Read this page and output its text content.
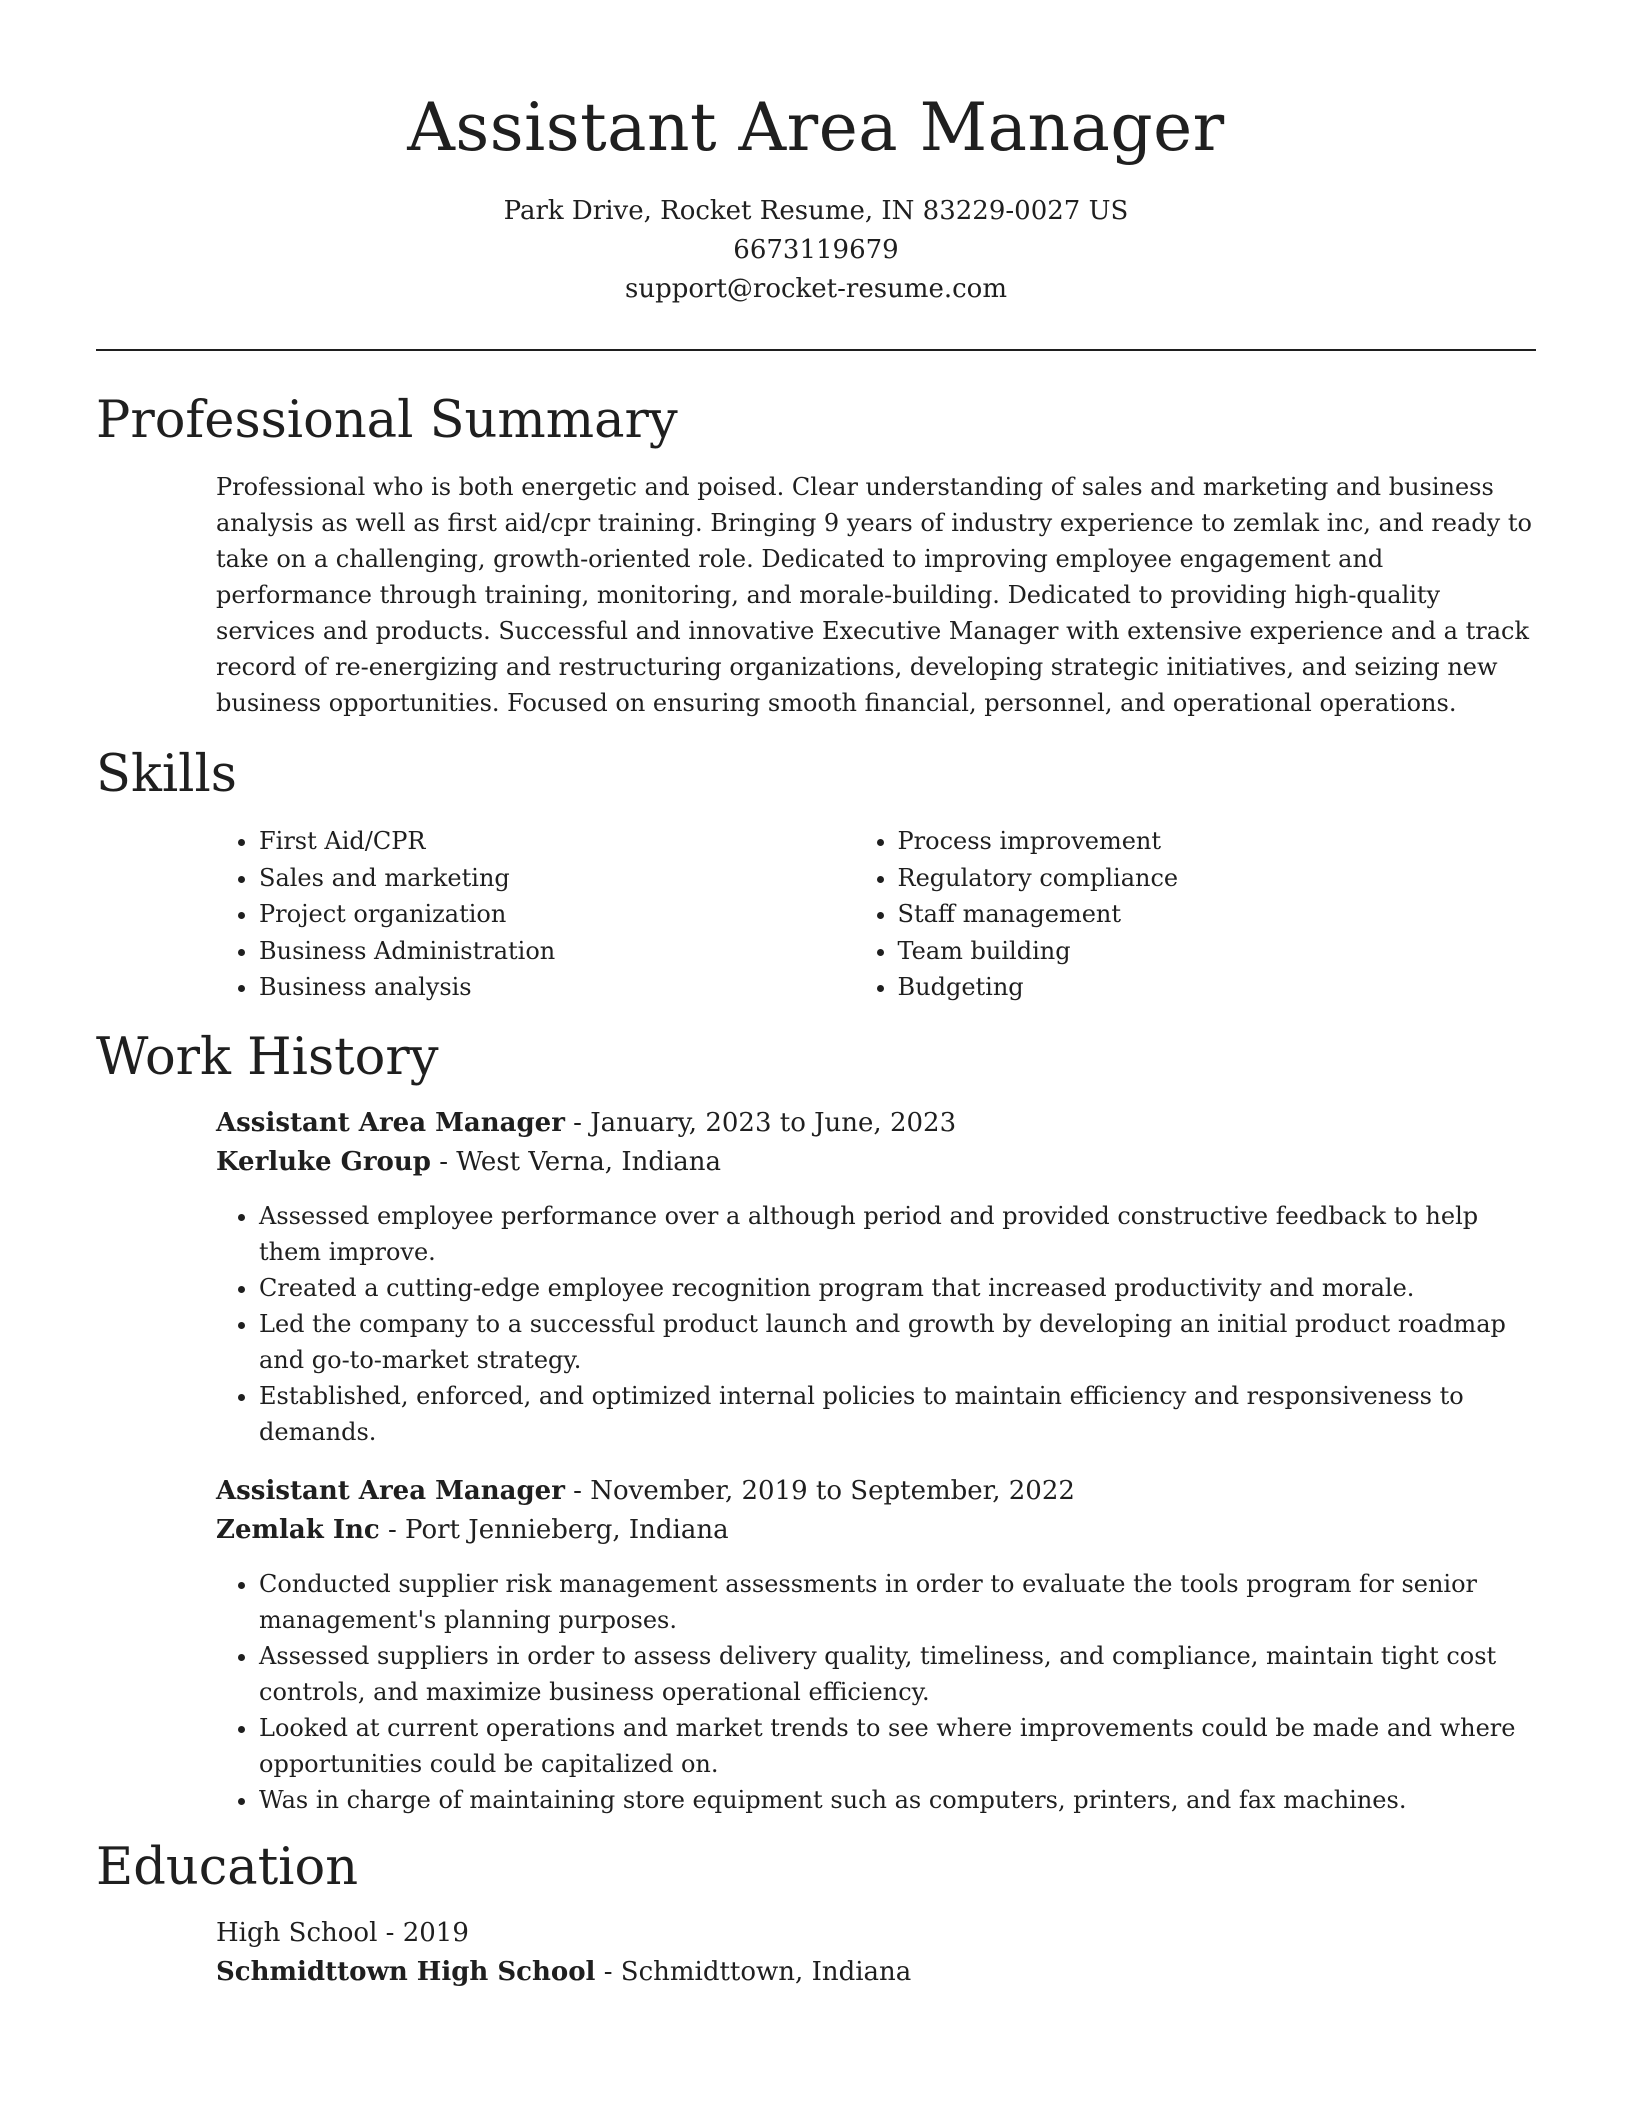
Assistant Area Manager
Park Drive, Rocket Resume, IN 83229-0027 US
6673119679
support@rocket-resume.com
Professional Summary
Professional who is both energetic and poised. Clear understanding of sales and marketing and business analysis as well as first aid/cpr training. Bringing 9 years of industry experience to zemlak inc, and ready to take on a challenging, growth-oriented role. Dedicated to improving employee engagement and performance through training, monitoring, and morale-building. Dedicated to providing high-quality services and products. Successful and innovative Executive Manager with extensive experience and a track record of re-energizing and restructuring organizations, developing strategic initiatives, and seizing new business opportunities. Focused on ensuring smooth financial, personnel, and operational operations.
Skills
• First Aid/CPR
• Sales and marketing
• Project organization
• Business Administration
• Business analysis
• Process improvement
• Regulatory compliance
• Staff management
• Team building
• Budgeting
Work History
Assistant Area Manager - January, 2023 to June, 2023
Kerluke Group - West Verna, Indiana
• Assessed employee performance over a although period and provided constructive feedback to help them improve.
• Created a cutting-edge employee recognition program that increased productivity and morale.
• Led the company to a successful product launch and growth by developing an initial product roadmap and go-to-market strategy.
• Established, enforced, and optimized internal policies to maintain efficiency and responsiveness to demands.
Assistant Area Manager - November, 2019 to September, 2022
Zemlak Inc - Port Jennieberg, Indiana
• Conducted supplier risk management assessments in order to evaluate the tools program for senior management's planning purposes.
• Assessed suppliers in order to assess delivery quality, timeliness, and compliance, maintain tight cost controls, and maximize business operational efficiency.
• Looked at current operations and market trends to see where improvements could be made and where opportunities could be capitalized on.
• Was in charge of maintaining store equipment such as computers, printers, and fax machines.
Education
High School - 2019
Schmidttown High School - Schmidttown, Indiana
